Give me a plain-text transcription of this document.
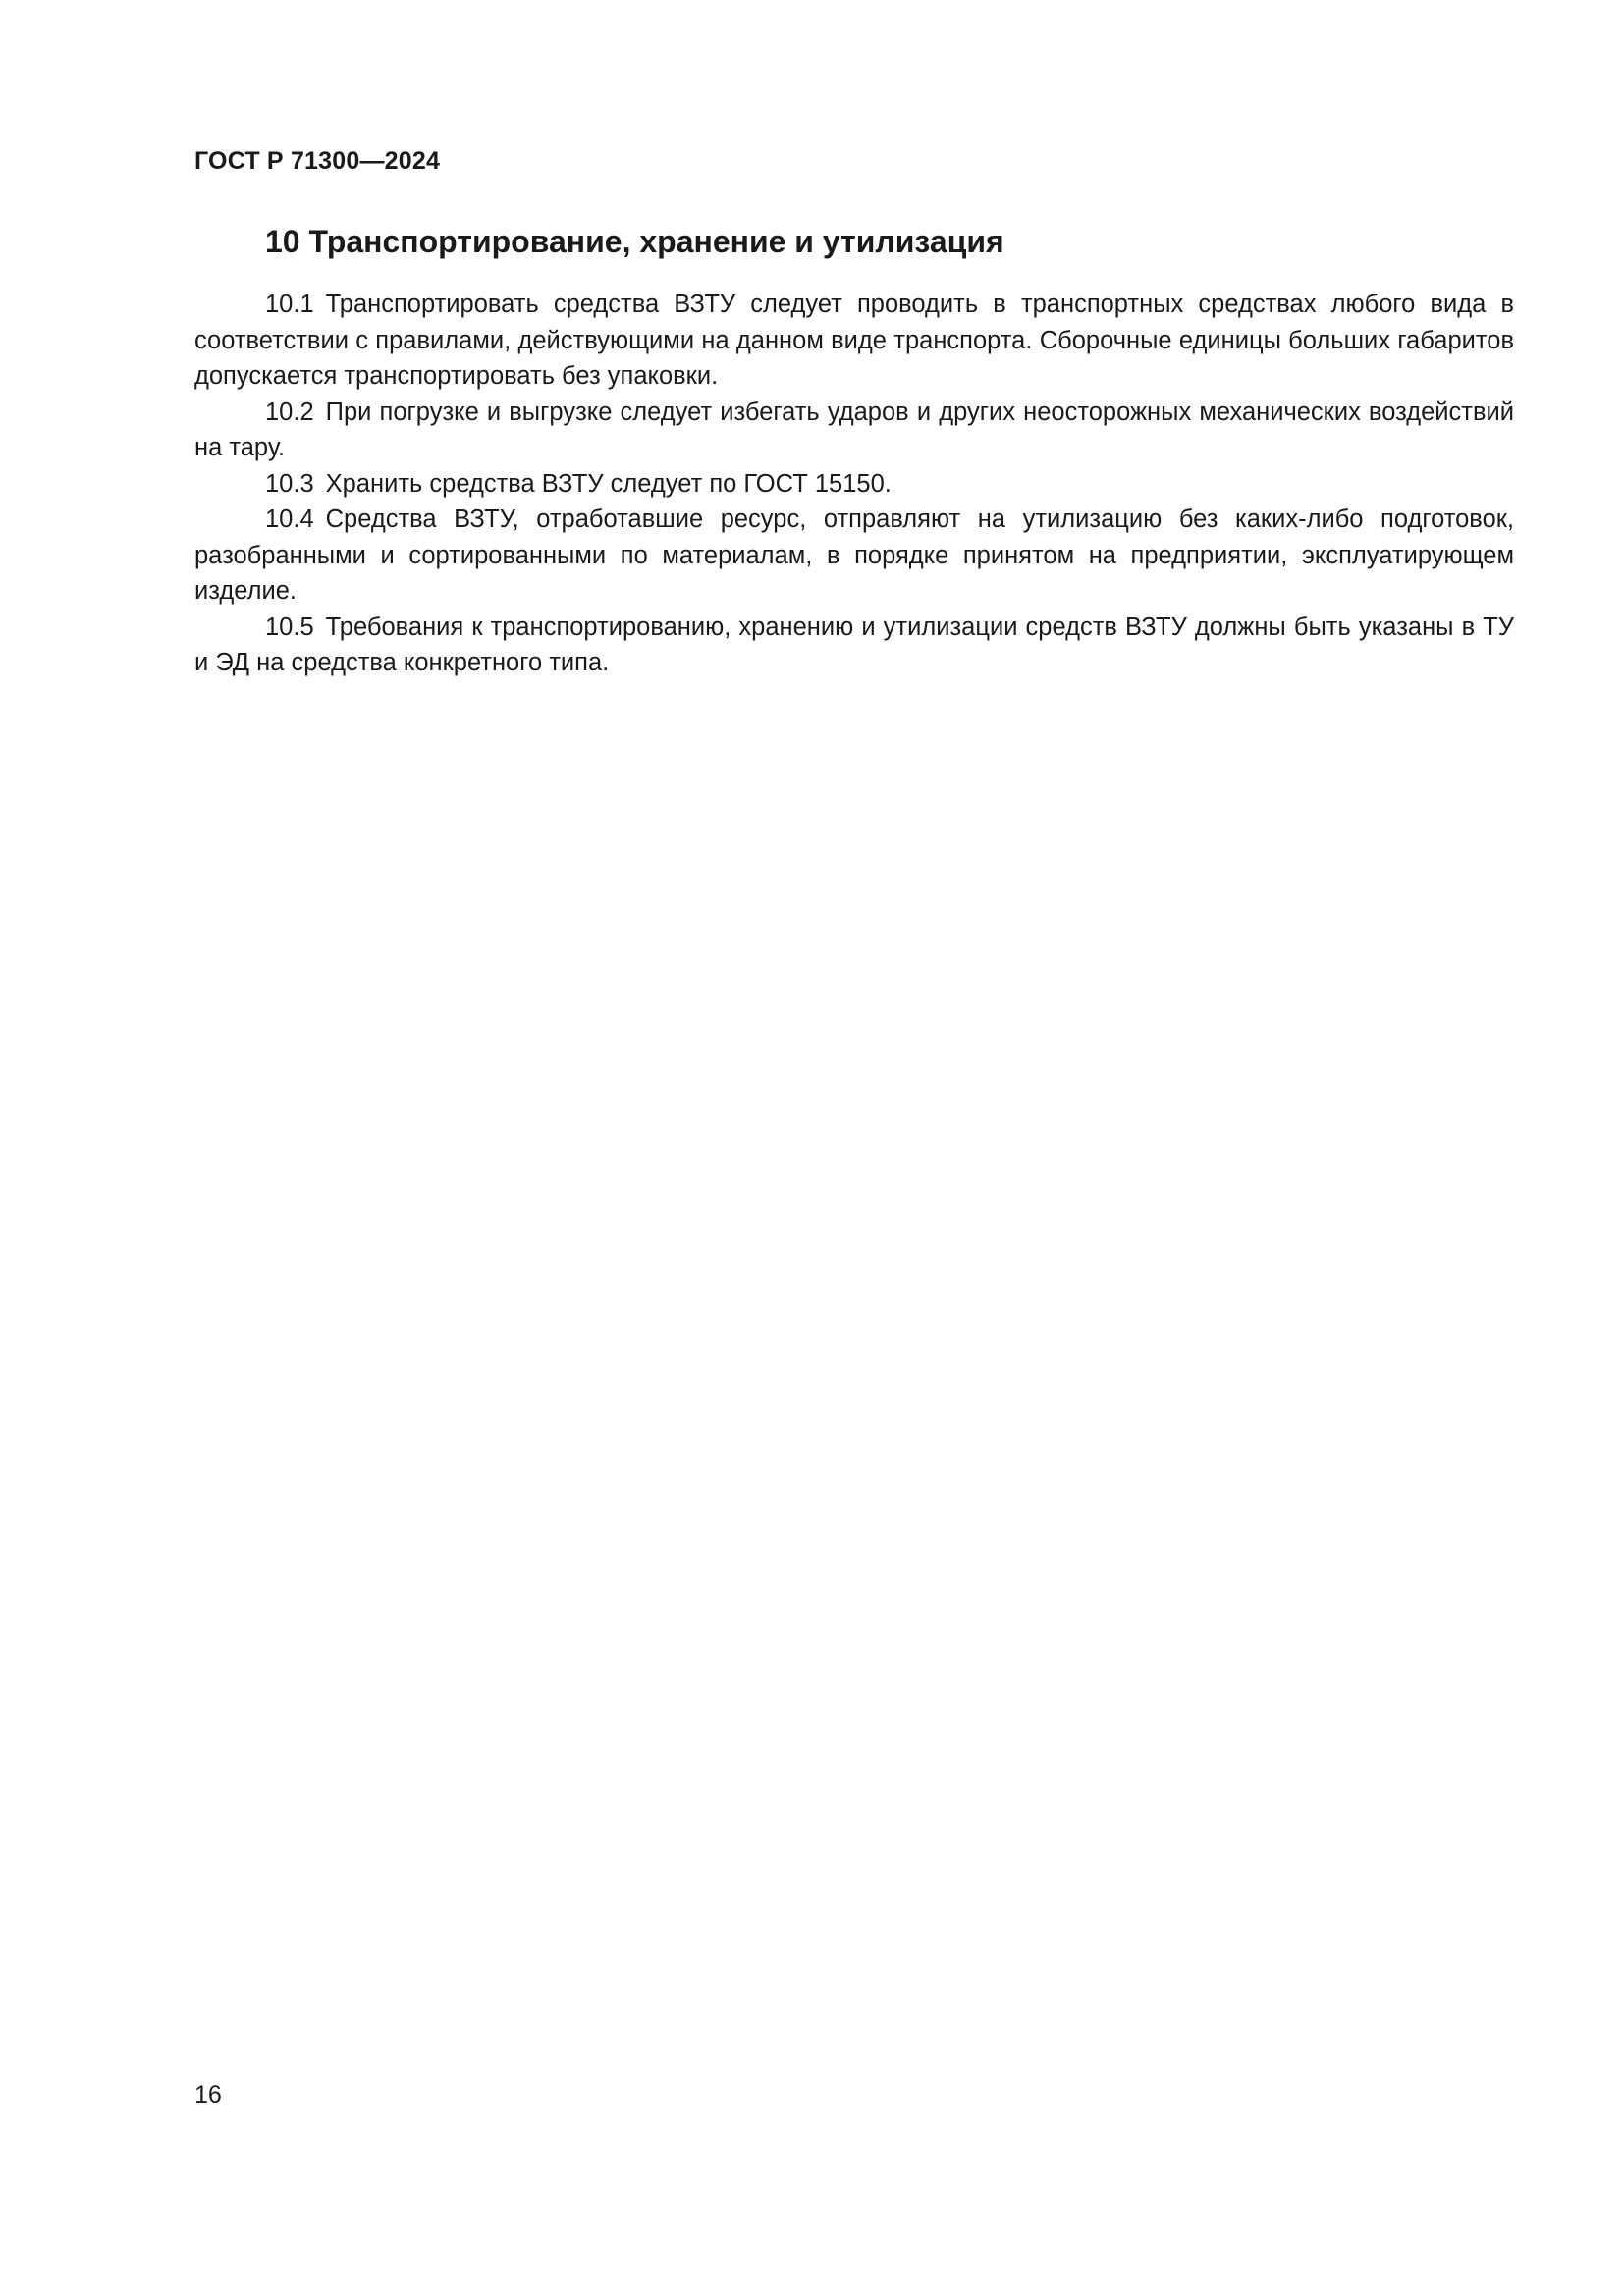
ГОСТ Р 71300—2024
10 Транспортирование, хранение и утилизация

10.1 Транспортировать средства ВЗТУ следует проводить в транспортных средствах любого вида в соответствии с правилами, действующими на данном виде транспорта. Сборочные единицы больших габаритов допускается транспортировать без упаковки.

10.2 При погрузке и выгрузке следует избегать ударов и других неосторожных механических воздействий на тару.

10.3 Хранить средства ВЗТУ следует по ГОСТ 15150.

10.4 Средства ВЗТУ, отработавшие ресурс, отправляют на утилизацию без каких-либо подготовок, разобранными и сортированными по материалам, в порядке принятом на предприятии, эксплуатирующем изделие.

10.5 Требования к транспортированию, хранению и утилизации средств ВЗТУ должны быть указаны в ТУ и ЭД на средства конкретного типа.

16
